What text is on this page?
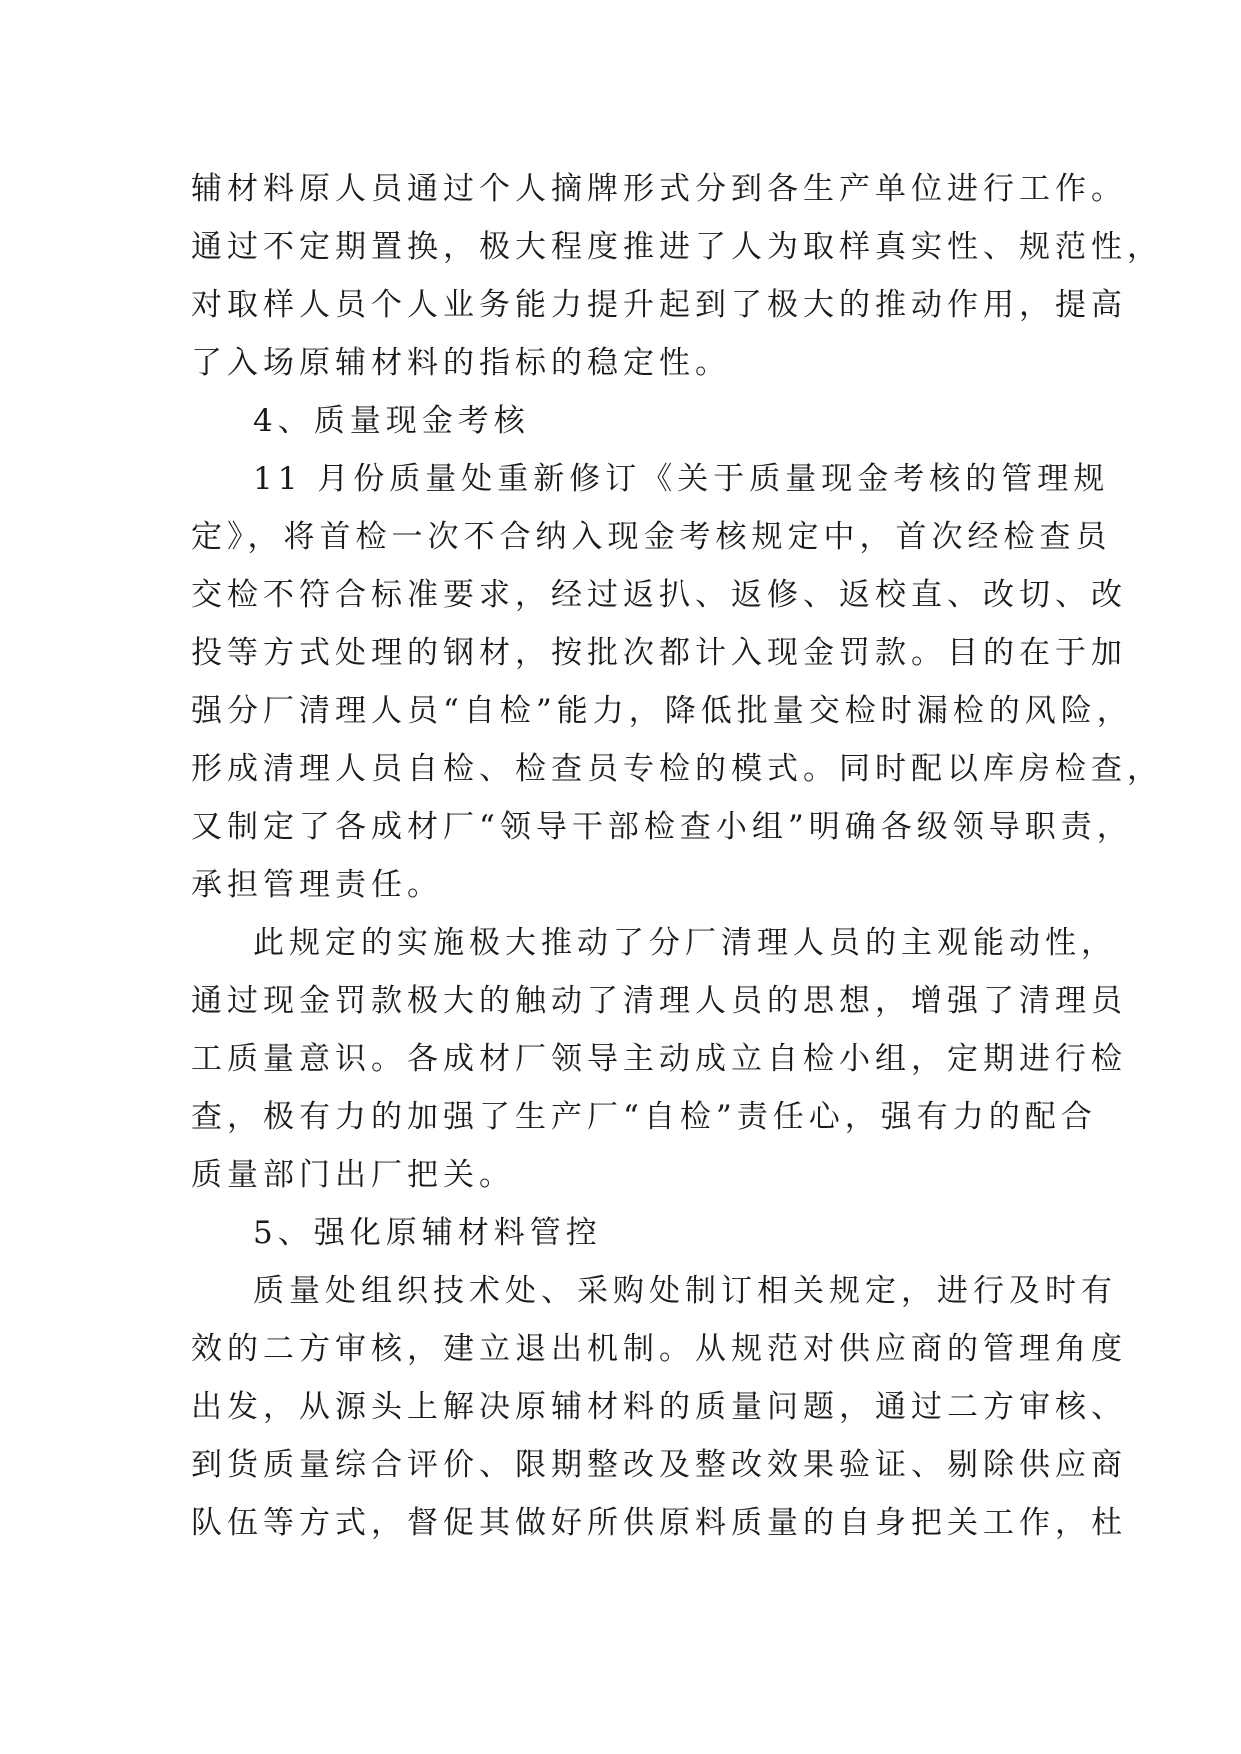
辅材料原人员通过个人摘牌形式分到各生产单位进行工作。
通过不定期置换，极大程度推进了人为取样真实性、规范性，
对取样人员个人业务能力提升起到了极大的推动作用，提高
了入场原辅材料的指标的稳定性。
4、质量现金考核
11 月份质量处重新修订《关于质量现金考核的管理规
定》，将首检一次不合纳入现金考核规定中，首次经检查员
交检不符合标准要求，经过返扒、返修、返校直、改切、改
投等方式处理的钢材，按批次都计入现金罚款。目的在于加
强分厂清理人员“自检”能力，降低批量交检时漏检的风险，
形成清理人员自检、检查员专检的模式。同时配以库房检查，
又制定了各成材厂“领导干部检查小组”明确各级领导职责，
承担管理责任。
此规定的实施极大推动了分厂清理人员的主观能动性，
通过现金罚款极大的触动了清理人员的思想，增强了清理员
工质量意识。各成材厂领导主动成立自检小组，定期进行检
查，极有力的加强了生产厂“自检”责任心，强有力的配合
质量部门出厂把关。
5、强化原辅材料管控
质量处组织技术处、采购处制订相关规定，进行及时有
效的二方审核，建立退出机制。从规范对供应商的管理角度
出发，从源头上解决原辅材料的质量问题，通过二方审核、
到货质量综合评价、限期整改及整改效果验证、剔除供应商
队伍等方式，督促其做好所供原料质量的自身把关工作，杜
